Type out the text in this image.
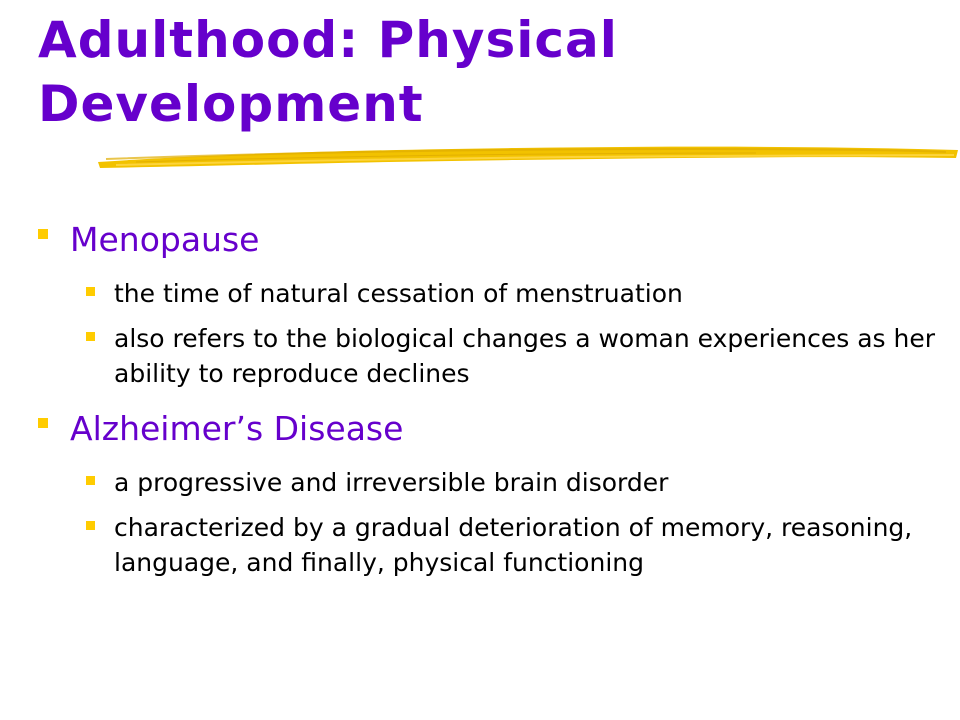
Adulthood: Physical
Development
Menopause
the time of natural cessation of menstruation
also refers to the biological changes a woman experiences as her ability to reproduce declines
Alzheimer’s Disease
a progressive and irreversible brain disorder
characterized by a gradual deterioration of memory, reasoning, language, and finally, physical functioning
